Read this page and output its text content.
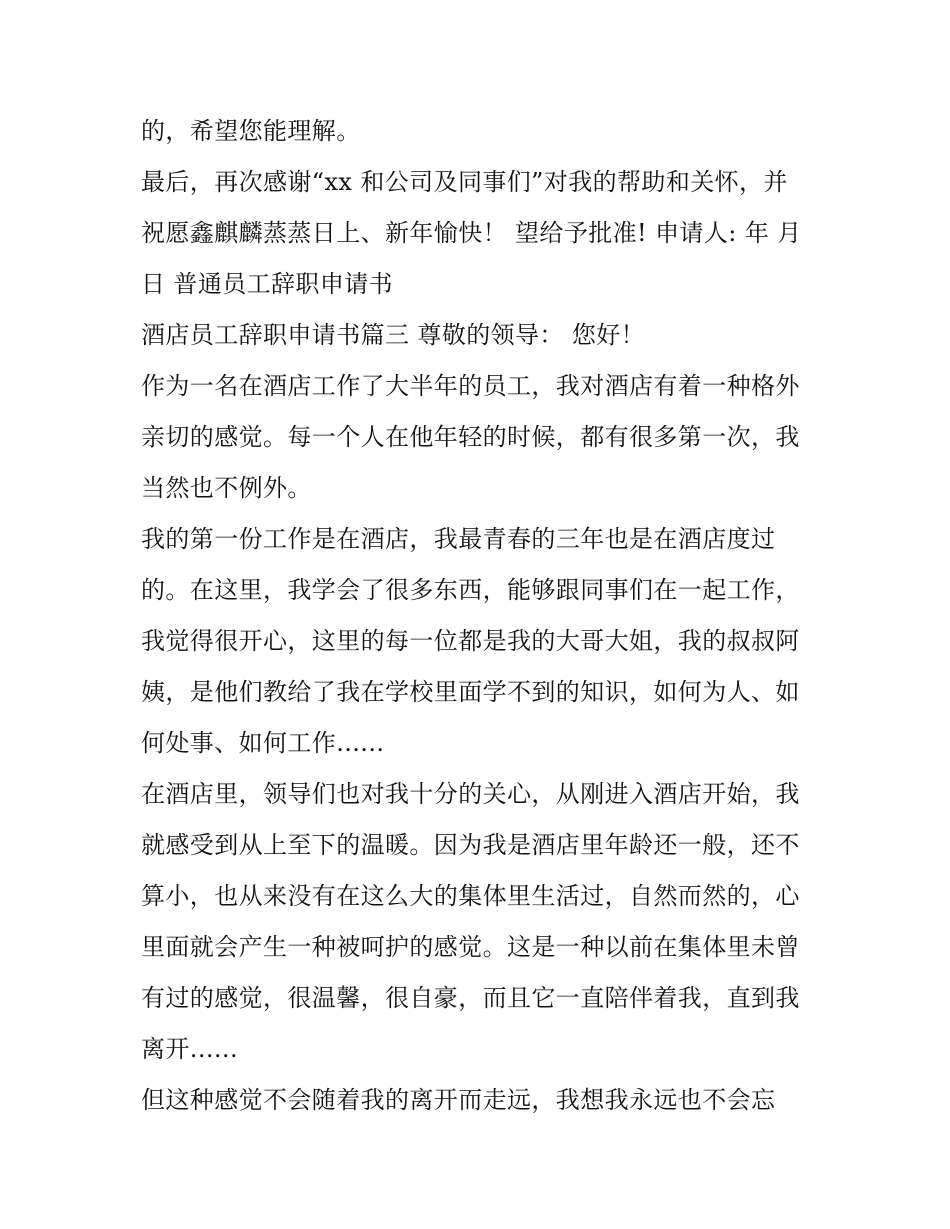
的，希望您能理解。
最后，再次感谢“xx 和公司及同事们”对我的帮助和关怀，并
祝愿鑫麒麟蒸蒸日上、新年愉快！ 望给予批准! 申请人: 年 月
日 普通员工辞职申请书
酒店员工辞职申请书篇三 尊敬的领导： 您好！
作为一名在酒店工作了大半年的员工，我对酒店有着一种格外
亲切的感觉。每一个人在他年轻的时候，都有很多第一次，我
当然也不例外。
我的第一份工作是在酒店，我最青春的三年也是在酒店度过
的。在这里，我学会了很多东西，能够跟同事们在一起工作，
我觉得很开心，这里的每一位都是我的大哥大姐，我的叔叔阿
姨，是他们教给了我在学校里面学不到的知识，如何为人、如
何处事、如何工作......
在酒店里，领导们也对我十分的关心，从刚进入酒店开始，我
就感受到从上至下的温暖。因为我是酒店里年龄还一般，还不
算小，也从来没有在这么大的集体里生活过，自然而然的，心
里面就会产生一种被呵护的感觉。这是一种以前在集体里未曾
有过的感觉，很温馨，很自豪，而且它一直陪伴着我，直到我
离开......
但这种感觉不会随着我的离开而走远，我想我永远也不会忘
